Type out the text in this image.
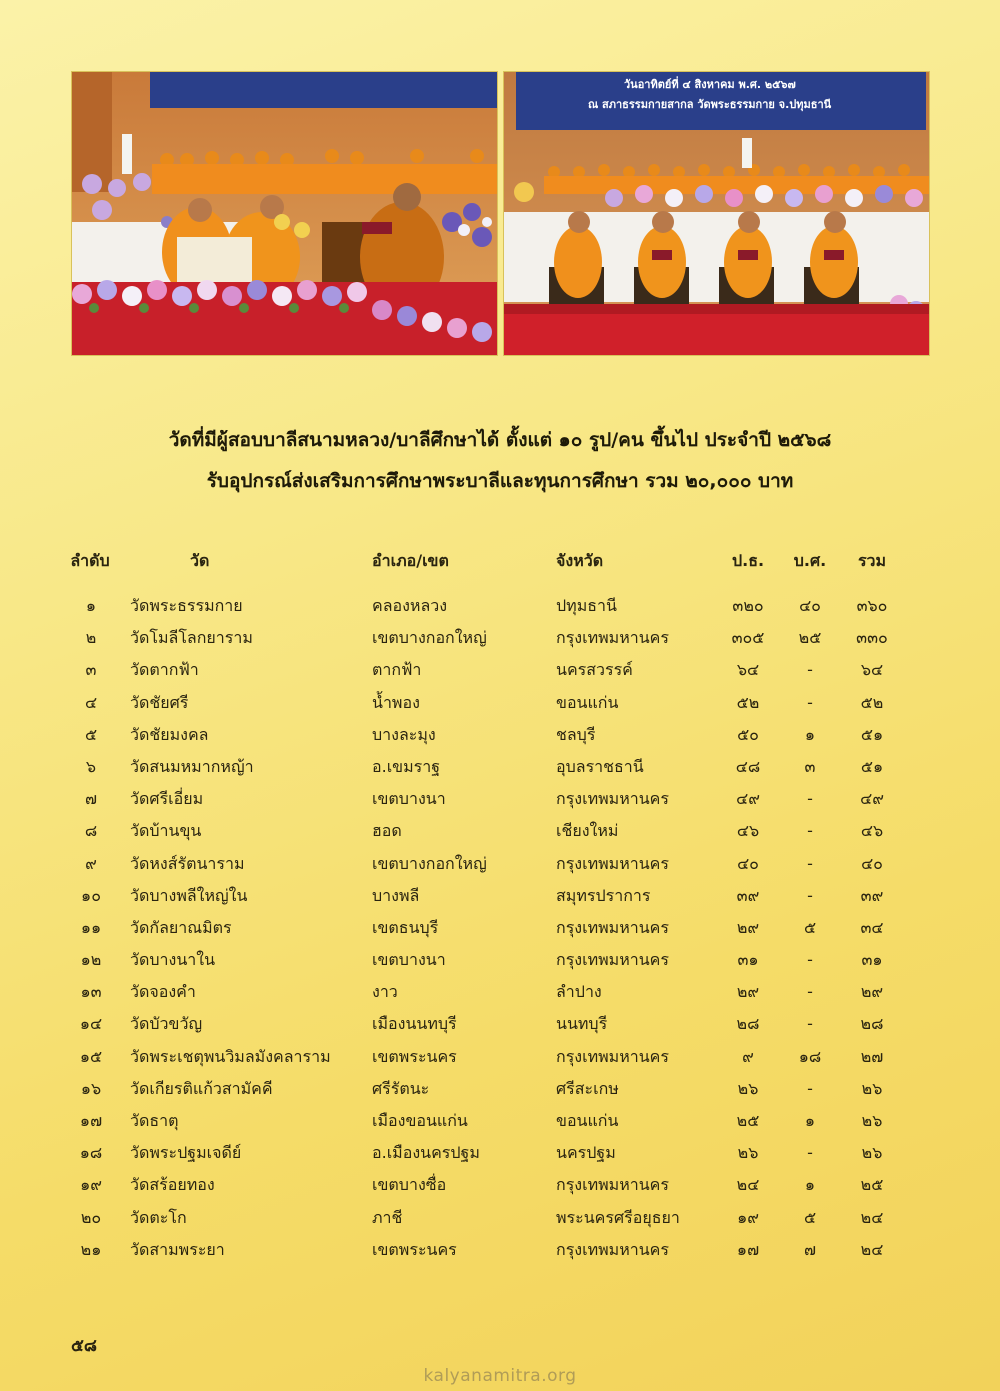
วันอาทิตย์ที่ ๔ สิงหาคม พ.ศ. ๒๕๖๗
ณ สภาธรรมกายสากล วัดพระธรรมกาย จ.ปทุมธานี
วัดที่มีผู้สอบบาลีสนามหลวง/บาลีศึกษาได้ ตั้งแต่ ๑๐ รูป/คน ขึ้นไป ประจำปี ๒๕๖๘
รับอุปกรณ์ส่งเสริมการศึกษาพระบาลีและทุนการศึกษา รวม ๒๐,๐๐๐ บาท
ลำดับ	วัด	อำเภอ/เขต	จังหวัด	ป.ธ.	บ.ศ.	รวม
๑	วัดพระธรรมกาย	คลองหลวง	ปทุมธานี	๓๒๐	๔๐	๓๖๐
๒	วัดโมลีโลกยาราม	เขตบางกอกใหญ่	กรุงเทพมหานคร	๓๐๕	๒๕	๓๓๐
๓	วัดตากฟ้า	ตากฟ้า	นครสวรรค์	๖๔	-	๖๔
๔	วัดชัยศรี	น้ำพอง	ขอนแก่น	๕๒	-	๕๒
๕	วัดชัยมงคล	บางละมุง	ชลบุรี	๕๐	๑	๕๑
๖	วัดสนมหมากหญ้า	อ.เขมราฐ	อุบลราชธานี	๔๘	๓	๕๑
๗	วัดศรีเอี่ยม	เขตบางนา	กรุงเทพมหานคร	๔๙	-	๔๙
๘	วัดบ้านขุน	ฮอด	เชียงใหม่	๔๖	-	๔๖
๙	วัดหงส์รัตนาราม	เขตบางกอกใหญ่	กรุงเทพมหานคร	๔๐	-	๔๐
๑๐	วัดบางพลีใหญ่ใน	บางพลี	สมุทรปราการ	๓๙	-	๓๙
๑๑	วัดกัลยาณมิตร	เขตธนบุรี	กรุงเทพมหานคร	๒๙	๕	๓๔
๑๒	วัดบางนาใน	เขตบางนา	กรุงเทพมหานคร	๓๑	-	๓๑
๑๓	วัดจองคำ	งาว	ลำปาง	๒๙	-	๒๙
๑๔	วัดบัวขวัญ	เมืองนนทบุรี	นนทบุรี	๒๘	-	๒๘
๑๕	วัดพระเชตุพนวิมลมังคลาราม	เขตพระนคร	กรุงเทพมหานคร	๙	๑๘	๒๗
๑๖	วัดเกียรติแก้วสามัคคี	ศรีรัตนะ	ศรีสะเกษ	๒๖	-	๒๖
๑๗	วัดธาตุ	เมืองขอนแก่น	ขอนแก่น	๒๕	๑	๒๖
๑๘	วัดพระปฐมเจดีย์	อ.เมืองนครปฐม	นครปฐม	๒๖	-	๒๖
๑๙	วัดสร้อยทอง	เขตบางซื่อ	กรุงเทพมหานคร	๒๔	๑	๒๕
๒๐	วัดตะโก	ภาชี	พระนครศรีอยุธยา	๑๙	๕	๒๔
๒๑	วัดสามพระยา	เขตพระนคร	กรุงเทพมหานคร	๑๗	๗	๒๔
๕๘
kalyanamitra.org
